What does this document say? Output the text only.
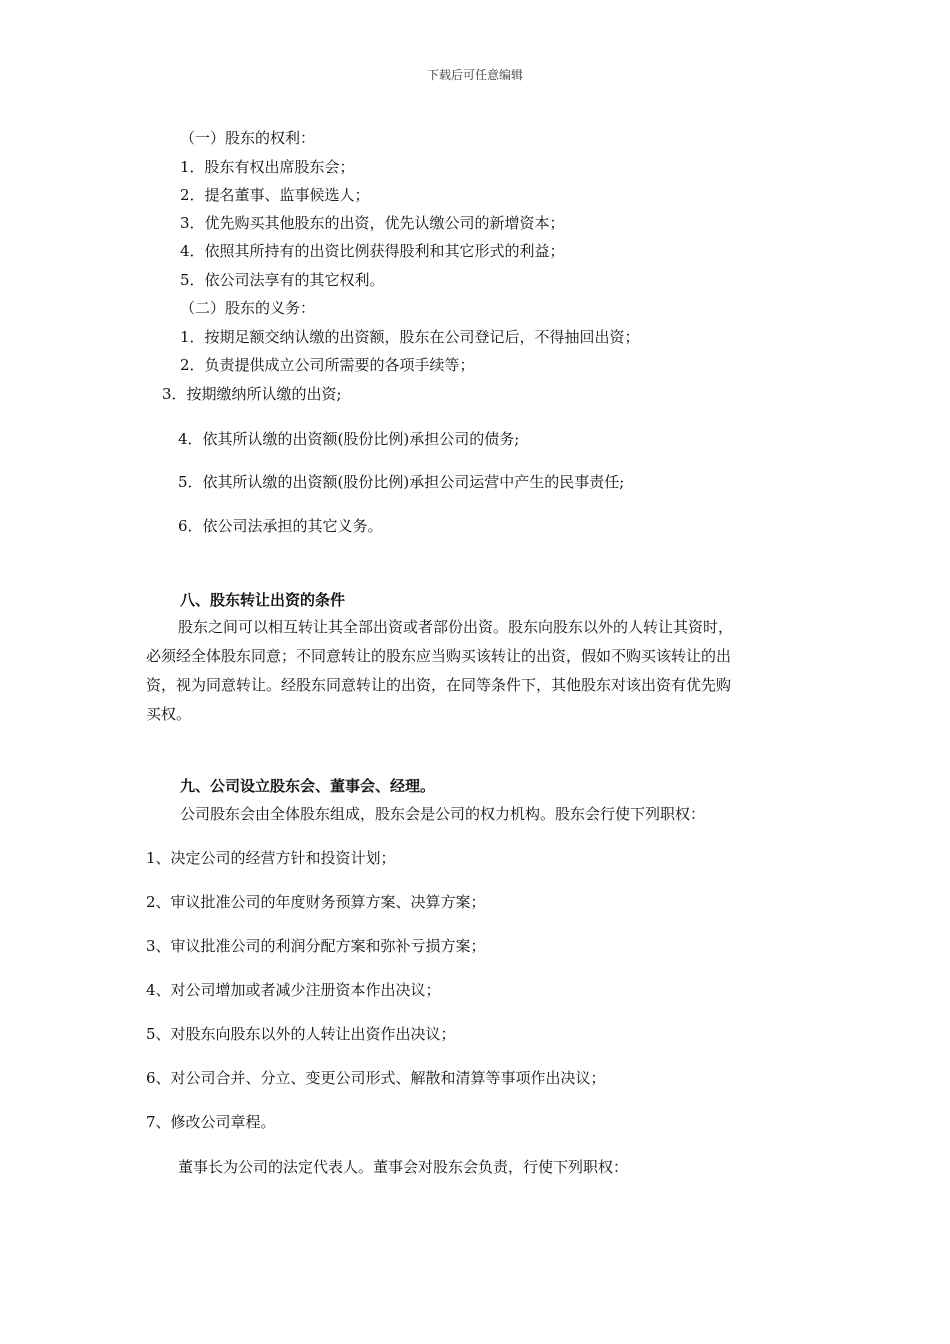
下载后可任意编辑
（一）股东的权利：
1．股东有权出席股东会；
2．提名董事、监事候选人；
3．优先购买其他股东的出资，优先认缴公司的新增资本；
4．依照其所持有的出资比例获得股利和其它形式的利益；
5．依公司法享有的其它权利。
（二）股东的义务：
1．按期足额交纳认缴的出资额，股东在公司登记后，不得抽回出资；
2．负责提供成立公司所需要的各项手续等；
3．按期缴纳所认缴的出资;
4．依其所认缴的出资额(股份比例)承担公司的债务;
5．依其所认缴的出资额(股份比例)承担公司运营中产生的民事责任;
6．依公司法承担的其它义务。
八、股东转让出资的条件
股东之间可以相互转让其全部出资或者部份出资。股东向股东以外的人转让其资时，
必须经全体股东同意；不同意转让的股东应当购买该转让的出资，假如不购买该转让的出
资，视为同意转让。经股东同意转让的出资，在同等条件下，其他股东对该出资有优先购
买权。
九、公司设立股东会、董事会、经理。
公司股东会由全体股东组成，股东会是公司的权力机构。股东会行使下列职权：
1、决定公司的经营方针和投资计划；
2、审议批准公司的年度财务预算方案、决算方案；
3、审议批准公司的利润分配方案和弥补亏损方案；
4、对公司增加或者减少注册资本作出决议；
5、对股东向股东以外的人转让出资作出决议；
6、对公司合并、分立、变更公司形式、解散和清算等事项作出决议；
7、修改公司章程。
董事长为公司的法定代表人。董事会对股东会负责，行使下列职权：
